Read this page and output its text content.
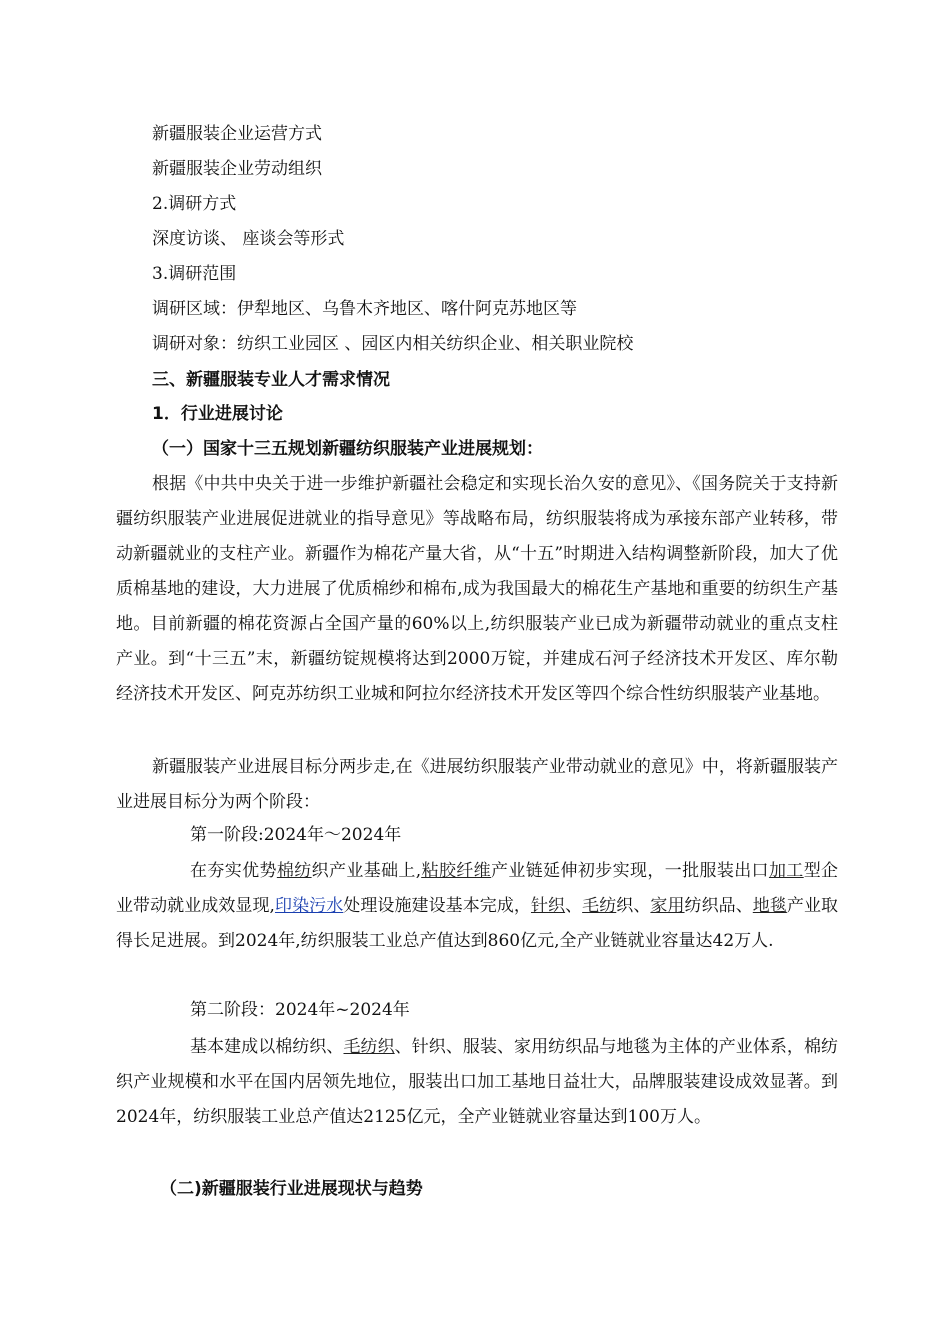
新疆服装企业运营方式
新疆服装企业劳动组织
2.调研方式
深度访谈、 座谈会等形式
3.调研范围
调研区域：伊犁地区、乌鲁木齐地区、喀什阿克苏地区等
调研对象：纺织工业园区 、园区内相关纺织企业、相关职业院校
三、新疆服装专业人才需求情况
1．行业进展讨论
（一）国家十三五规划新疆纺织服装产业进展规划：
根据《中共中央关于进一步维护新疆社会稳定和实现长治久安的意见》、《国务院关于支持新疆纺织服装产业进展促进就业的指导意见》等战略布局，纺织服装将成为承接东部产业转移，带动新疆就业的支柱产业。新疆作为棉花产量大省，从“十五”时期进入结构调整新阶段，加大了优质棉基地的建设，大力进展了优质棉纱和棉布,成为我国最大的棉花生产基地和重要的纺织生产基地。目前新疆的棉花资源占全国产量的60%以上,纺织服装产业已成为新疆带动就业的重点支柱产业。到“十三五”末，新疆纺锭规模将达到2000万锭，并建成石河子经济技术开发区、库尔勒经济技术开发区、阿克苏纺织工业城和阿拉尔经济技术开发区等四个综合性纺织服装产业基地。
新疆服装产业进展目标分两步走,在《进展纺织服装产业带动就业的意见》中，将新疆服装产业进展目标分为两个阶段：
第一阶段:2024年～2024年
在夯实优势棉纺织产业基础上,粘胶纤维产业链延伸初步实现，一批服装出口加工型企业带动就业成效显现,印染污水处理设施建设基本完成，针织、毛纺织、家用纺织品、地毯产业取得长足进展。到2024年,纺织服装工业总产值达到860亿元,全产业链就业容量达42万人.
第二阶段：2024年~2024年
基本建成以棉纺织、毛纺织、针织、服装、家用纺织品与地毯为主体的产业体系，棉纺织产业规模和水平在国内居领先地位，服装出口加工基地日益壮大，品牌服装建设成效显著。到2024年，纺织服装工业总产值达2125亿元，全产业链就业容量达到100万人。
（二)新疆服装行业进展现状与趋势
